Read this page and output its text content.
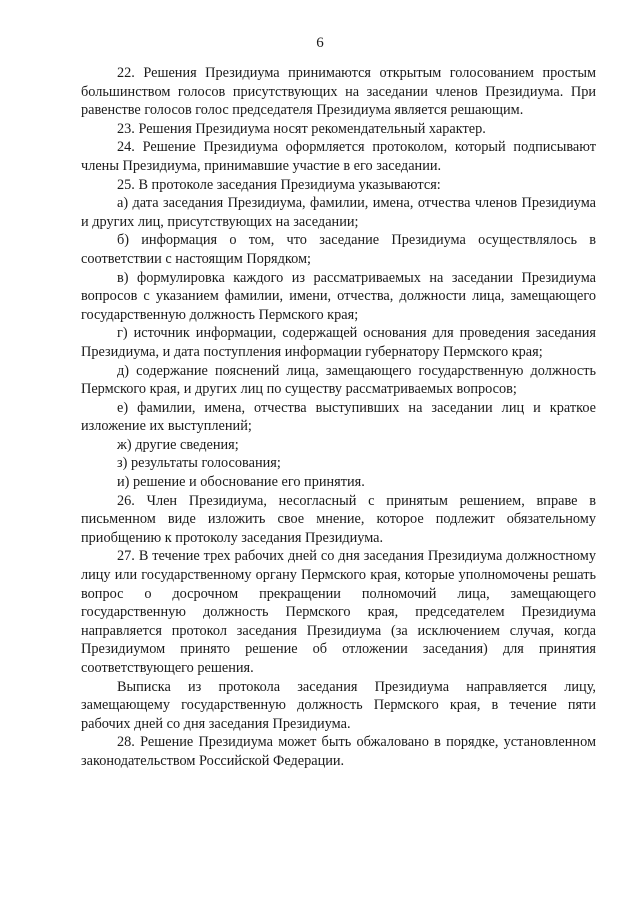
6

22. Решения Президиума принимаются открытым голосованием простым большинством голосов присутствующих на заседании членов Президиума. При равенстве голосов голос председателя Президиума является решающим.

23. Решения Президиума носят рекомендательный характер.

24. Решение Президиума оформляется протоколом, который подписывают члены Президиума, принимавшие участие в его заседании.

25. В протоколе заседания Президиума указываются:

а) дата заседания Президиума, фамилии, имена, отчества членов Президиума и других лиц, присутствующих на заседании;

б) информация о том, что заседание Президиума осуществлялось в соответствии с настоящим Порядком;

в) формулировка каждого из рассматриваемых на заседании Президиума вопросов с указанием фамилии, имени, отчества, должности лица, замещающего государственную должность Пермского края;

г) источник информации, содержащей основания для проведения заседания Президиума, и дата поступления информации губернатору Пермского края;

д) содержание пояснений лица, замещающего государственную должность Пермского края, и других лиц по существу рассматриваемых вопросов;

е) фамилии, имена, отчества выступивших на заседании лиц и краткое изложение их выступлений;

ж) другие сведения;

з) результаты голосования;

и) решение и обоснование его принятия.

26. Член Президиума, несогласный с принятым решением, вправе в письменном виде изложить свое мнение, которое подлежит обязательному приобщению к протоколу заседания Президиума.

27. В течение трех рабочих дней со дня заседания Президиума должностному лицу или государственному органу Пермского края, которые уполномочены решать вопрос о досрочном прекращении полномочий лица, замещающего государственную должность Пермского края, председателем Президиума направляется протокол заседания Президиума (за исключением случая, когда Президиумом принято решение об отложении заседания) для принятия соответствующего решения.

Выписка из протокола заседания Президиума направляется лицу, замещающему государственную должность Пермского края, в течение пяти рабочих дней со дня заседания Президиума.

28. Решение Президиума может быть обжаловано в порядке, установленном законодательством Российской Федерации.
